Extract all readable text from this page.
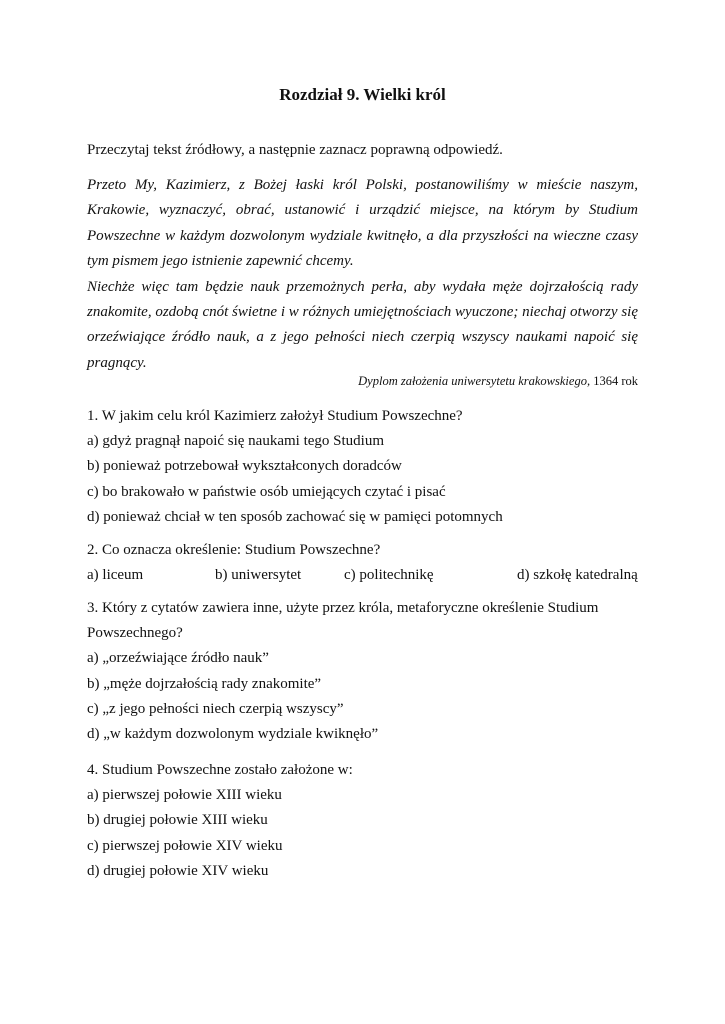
Rozdział 9. Wielki król
Przeczytaj tekst źródłowy, a następnie zaznacz poprawną odpowiedź.

Przeto My, Kazimierz, z Bożej łaski król Polski, postanowiliśmy w mieście naszym, Krakowie, wyznaczyć, obrać, ustanowić i urządzić miejsce, na którym by Studium Powszechne w każdym dozwolonym wydziale kwitnęło, a dla przyszłości na wieczne czasy tym pismem jego istnienie zapewnić chcemy.

Niechże więc tam będzie nauk przemożnych perła, aby wydała męże dojrzałością rady znakomite, ozdobą cnót świetne i w różnych umiejętnościach wyuczone; niechaj otworzy się orzeźwiające źródło nauk, a z jego pełności niech czerpią wszyscy naukami napoić się pragnący.

Dyplom założenia uniwersytetu krakowskiego, 1364 rok
1. W jakim celu król Kazimierz założył Studium Powszechne?
a) gdyż pragnął napoić się naukami tego Studium
b) ponieważ potrzebował wykształconych doradców
c) bo brakowało w państwie osób umiejących czytać i pisać
d) ponieważ chciał w ten sposób zachować się w pamięci potomnych
2. Co oznacza określenie: Studium Powszechne?
a) liceum	b) uniwersytet	c) politechnikę	d) szkołę katedralną
3. Który z cytatów zawiera inne, użyte przez króla, metaforyczne określenie Studium Powszechnego?
a) „orzeźwiające źródło nauk”
b) „męże dojrzałością rady znakomite”
c) „z jego pełności niech czerpią wszyscy”
d) „w każdym dozwolonym wydziale kwiknęło”
4. Studium Powszechne zostało założone w:
a) pierwszej połowie XIII wieku
b) drugiej połowie XIII wieku
c) pierwszej połowie XIV wieku
d) drugiej połowie XIV wieku
